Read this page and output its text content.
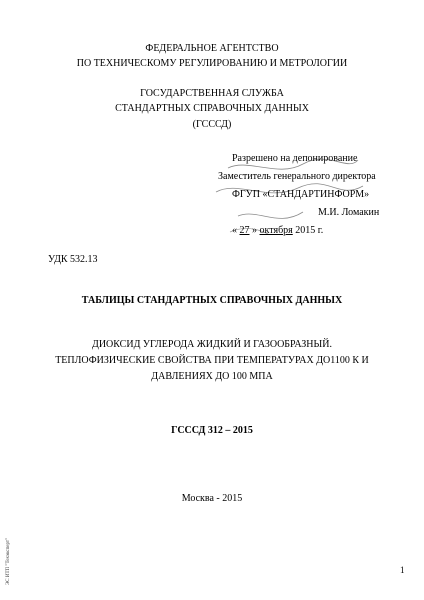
ФЕДЕРАЛЬНОЕ АГЕНТСТВО
ПО ТЕХНИЧЕСКОМУ РЕГУЛИРОВАНИЮ И МЕТРОЛОГИИ
ГОСУДАРСТВЕННАЯ СЛУЖБА
СТАНДАРТНЫХ СПРАВОЧНЫХ ДАННЫХ
(ГСССД)
Разрешено на депонирование
Заместитель генерального директора
ФГУП «СТАНДАРТИНФОРМ»
М.И. Ломакин
« 27 » октября 2015 г.
УДК 532.13
ТАБЛИЦЫ СТАНДАРТНЫХ СПРАВОЧНЫХ ДАННЫХ
ДИОКСИД УГЛЕРОДА ЖИДКИЙ И ГАЗООБРАЗНЫЙ.
ТЕПЛОФИЗИЧЕСКИЕ СВОЙСТВА ПРИ ТЕМПЕРАТУРАХ ДО1100 К И
ДАВЛЕНИЯХ ДО 100 МПА
ГСССД 312 – 2015
Москва - 2015
ЭС ИТП "Техэксперт"	1
